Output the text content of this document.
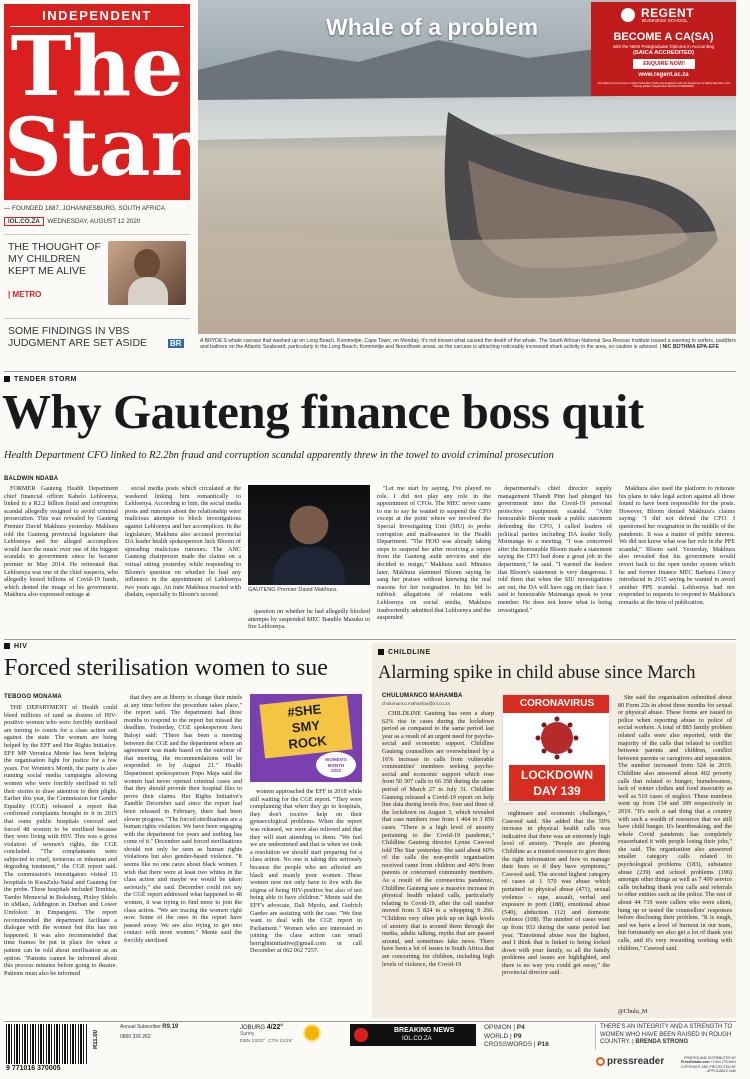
INDEPENDENT
The
Star
— FOUNDED 1887, JOHANNESBURG, SOUTH AFRICA
IOL.CO.ZA WEDNESDAY, AUGUST 12 2020
THE THOUGHT OF MY CHILDREN KEPT ME ALIVE
| METRO
SOME FINDINGS IN VBS JUDGMENT ARE SET ASIDE	BR
Whale of a problem
A BRYDE'S whale carcass that washed up on Long Beach, Kommetjie, Cape Town, on Monday. It's not known what caused the death of the whale. The South African National Sea Rescue Institute issued a warning to surfers, paddlers and bathers on the Atlantic Seaboard, particularly in the Long Beach, Kommetjie and Noordhoek areas, as the carcass is attracting noticeably increased shark activity in the area, so caution is advised. | NIC BOTHMA EPA-EFE
REGENT
BUSINESS SCHOOL
BECOME A CA(SA)
with the NEW Postgraduate Diploma in Accounting
(SAICA ACCREDITED)
ENQUIRE NOW!
www.regent.ac.za
Accredited by the Council on Higher Education (CHE) and Registered with the Department of Higher Education and Training (DHET). Registration Number 97/099/999/07
TENDER STORM
Why Gauteng finance boss quit
Health Department CFO linked to R2.2bn fraud and corruption scandal apparently threw in the towel to avoid criminal prosecution
BALDWIN NDABA

FORMER Gauteng Health Department chief financial officer Kabelo Lehloenya, linked to a R2.2 billion fraud and corruption scandal allegedly resigned to avoid criminal prosecution. This was revealed by Gauteng Premier David Makhura yesterday. Makhura told the Gauteng provincial legislature that Lehloenya and her alleged accomplices would face the music over one of the biggest scandals in government since he became premier in May 2014. He reiterated that Lehloenya was one of the chief suspects, who allegedly looted billions of Covid-19 funds, which dented the image of his government. Makhura also expressed outrage at

social media posts which circulated at the weekend linking him romantically to Lehloenya. According to him, the social media posts and rumours about the relationship were malicious attempts to block investigations against Lehloenya and her accomplices. In the legislature, Makhura also accused provincial DA leader health spokesperson Jack Bloom of spreading malicious rumours. The ANC Gauteng chairperson made the claims on a virtual sitting yesterday while responding to Bloom's question on whether he had any influence in the appointment of Lehloenya two years ago. An irate Makhura reacted with disdain, especially to Bloom's second

GAUTENG Premier David Makhura.

question on whether he had allegedly blocked attempts by suspended MEC Bandile Masuku to fire Lehloenya.

"Let me start by saying, I've played no role. I did not play any role in the appointment of CFOs. The MEC never came to me to say he wanted to suspend the CFO except at the point where we involved the Special Investigating Unit (SIU) to probe corruption and malfeasance in the Health Department. "The HOD was already taking steps to suspend her after receiving a report from the Gauteng audit services and she decided to resign," Makhura said. Minutes later, Makhura slammed Bloom saying he sang her praises without knowing the real reasons for her resignation. In his bid to rubbish allegations of relations with Lehloenya on social media, Makhura inadvertently admitted that Lehloenya and the suspended

departmental's chief director supply management Thandi Pino had plunged his government into the Covid-19 personal protective equipment scandal. "After honourable Bloom made a public statement defending the CFO, I called leaders of political parties including DA leader Solly Msimanga to a meeting. "I was concerned after the honourable Bloom made a statement saying the CFO had done a great job in the department," he said. "I warned the leaders that Bloom's statement is very dangerous. I told them that when the SIU investigations are out, the DA will have egg on their face. I said to honourable Msimanga speak to your member. He does not know what is being investigated."

Makhura also used the platform to reiterate his plans to take legal action against all those found to have been responsible for the posts. However, Bloom denied Makhura's claims saying: "I did not defend the CFO. I questioned her resignation in the middle of the pandemic. It was a matter of public interest. We did not know what was her role in the PPE scandal," Bloom said. Yesterday, Makhura also revealed that his government would revert back to the open tender system which he and former finance MEC Barbara Creecy introduced in 2015 saying he wanted to avoid another PPE scandal. Lehloenya had not responded to requests to respond to Makhura's remarks at the time of publication.

HIV
Forced sterilisation women to sue
TEBOGO MONAMA

THE DEPARTMENT of Health could bleed millions of rand as dozens of HIV-positive women who were forcibly sterilised are turning to courts for a class action suit against the state. The women are being helped by the EFF and Her Rights Initiative. EFF MP Veronica Mente has been helping the organisation fight for justice for a few years. For Women's Month, the party is also running social media campaigns allowing women who were forcibly sterilised to tell their stories to draw attention to their plight. Earlier this year, the Commission for Gender Equality (CGE) released a report that confirmed complaints brought to it in 2015 that some public hospitals coerced and forced 48 women to be sterilised because they were living with HIV. This was a gross violation of women's rights, the CGE concluded. "The complainants were subjected to cruel, torturous or inhuman and degrading treatment," the CGE report said. The commission's investigators visited 15 hospitals in KwaZulu-Natal and Gauteng for the probe. These hospitals included Tembisa, Tambo Memorial in Boksburg, Pixley Shlelo in uMlazi, Addington in Durban and Lower Umfolozi in Empangeni. The report recommended the department facilitate a dialogue with the women but this has not happened. It was also recommended that time frames be put in place for when a patient can be told about sterilisation as an option. "Patients cannot be informed about this process minutes before going to theatre. Patients must also be informed

that they are at liberty to change their minds at any time before the procedure takes place," the report said. The department had three months to respond to the report but missed the deadline. Yesterday, CGE spokesperson Javu Baloyi said: "There has been a meeting between the CGE and the department where an agreement was made based on the outcome of that meeting, the recommendations will be responded to by August 21." Health Department spokesperson Popo Maja said the women had never opened criminal cases and that they should provide their hospital files to prove their claims. Her Rights Initiative's Zandile December said since the report had been released in February, there had been slower progress. "The forced sterilisations are a human rights violation. We have been engaging with the department for years and nothing has come of it." December said forced sterilisations should not only be seen as human rights violations but also gender-based violence. "It seems like no one cares about black women. I wish that there were at least two whites in the class action and maybe we would be taken seriously," she said. December could not say the CGE report addressed what happened to 48 women, it was trying to find more to join the class action. "We are tracing the women right now. Some of the ones in the report have passed away. We are also trying to get into contact with more women." Mente said the forcibly sterilised

#SHE
SMY
ROCK
WOMEN'S
MONTH
2020

women approached the EFF in 2018 while still waiting for the CGE report. "They were complaining that when they go to hospitals, they don't receive help on their gynaecological problems. When the report was released, we were also relieved and that they will start attending to them. "We feel we are undermined and that is when we took a resolution we should start preparing for a class action. No one is taking this seriously because the people who are affected are black and mainly poor women. These women now not only have to live with the stigma of being HIV-positive but also of not being able to have children." Mente said the EFF's advocate, Dali Mpofu, and Godrich Gardee are assisting with the case. "We first want to deal with the CGE report in Parliament." Women who are interested in joining the class action can email herrightsinitiative@gmail.com or call December at 062 062 7257.

CHILDLINE
Alarming spike in child abuse since March
CHULUMANCO MAHAMBA
chulumanco.mahamba@inl.co.za

CHILDLINE Gauteng has seen a sharp 62% rise in cases during the lockdown period as compared to the same period last year as a result of an urgent need for psycho-social and economic support. Childline Gauteng counsellors are overwhelmed by a 16% increase in calls from vulnerable communities' members seeking psycho-social and economic support which rose from 50 307 calls to 66 358 during the same period of March 27 to July 31. Childline Gauteng released a Covid-19 report on help line data during levels five, four and three of the lockdown on August 3, which revealed that case numbers rose from 1 464 to 3 856 cases. "There is a high level of anxiety pertaining to the Covid-19 pandemic," Childline Gauteng director Lynne Cawood told The Star yesterday. She said about 60% of the calls the non-profit organisation received came from children and 40% from parents or concerned community members. As a result of the coronavirus pandemic, Childline Gauteng saw a massive increase in physical health related calls, particularly relating to Covid-19, after the call number moved from 5 824 to a whopping 9 266. "Children very often pick up on high levels of anxiety that is around them through the media, adults talking, myths that are passed around, and sometimes fake news. There have been a lot of issues in South Africa that are concerning for children, including high levels of violence, the Covid-19

CORONAVIRUS
LOCKDOWN
DAY 139

nightmare and economic challenges," Cawood said. She added that the 59% increase in physical health calls was indicative that there was an extremely high level of anxiety. "People are phoning Childline as a trusted resource to give them the right information and how to manage their fears or if they have symptoms," Cawood said. The second highest category of cases at 1 570 was abuse which pertained to physical abuse (471), sexual violence – rape, assault, verbal and exposure to porn (188), emotional abuse (540), abduction (12) and domestic violence (108). The number of cases went up from 933 during the same period last year. "Emotional abuse was the highest, and I think that is linked to being locked down with your family, so all the family problems and issues are highlighted, and there is no way you could get away," the provincial director said.

She said the organisation submitted about 80 Form 22s in about three months for sexual or physical abuse. These forms are issued to police when reporting abuse to police of social workers. A total of 883 family problem related calls were also reported, with the majority of the calls that related to conflict between parents and children, conflict between parents or caregivers and separation. The number increased from 524 in 2019. Childline also answered about 402 poverty calls that related to hunger, homelessness, lack of winter clothes and food insecurity as well as 510 cases of neglect. These numbers went up from 154 and 399 respectively in 2019. "It's such a sad thing that a country with such a wealth of resources that we still have child hunger. It's heartbreaking, and the whole Covid pandemic has completely exacerbated it with people losing their jobs," she said. The organisation also answered smaller category calls related to psychological problems (183), substance abuse (239) and school problems (196) amongst other things as well as 7 499 service calls including thank you calls and referrals to other entities such as the police. The rest of about 44 719 were callers who were silent, hung up or tested the counsellors' responses before disclosing their problem. "It is tough, and we have a level of burnout in our team, but fortunately we also get a lot of thank you calls, and it's very rewarding working with children," Cawood said.

@Chulu_M
9 771016 370005
R11.00
Annual Subscriber R9.19
0860 326 262
JOBURG 4/22°
Sunny
DBN 13/22° CTN 12/15°
BREAKING NEWS
IOL.CO.ZA
OPINION | P4
WORLD | P9
CROSSWORDS | P16
THERE'S AN INTEGRITY AND A STRENGTH TO WOMEN WHO HAVE BEEN RAISED IN ROUGH COUNTRY. | BRENDA STRONG
pressreader	PRINTED AND DISTRIBUTED BY
PressReader.com +1 604 278 4604
COPYRIGHT AND PROTECTED BY APPLICABLE LAW
